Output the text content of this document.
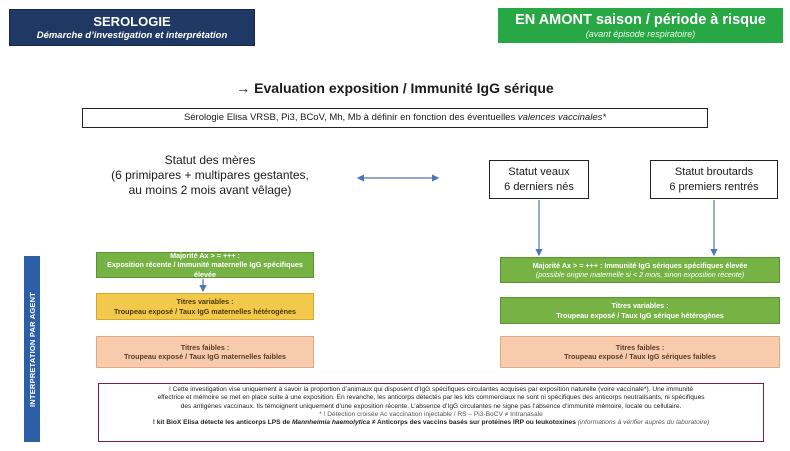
SEROLOGIE
Démarche d’investigation et interprétation
EN AMONT saison / période à risque
(avant épisode respiratoire)
→ Evaluation exposition / Immunité IgG sérique
Sérologie Elisa VRSB, Pi3, BCoV, Mh, Mb à définir en fonction des éventuelles valences vaccinales*
Statut des mères
(6 primipares + multipares gestantes,
au moins 2 mois avant vêlage)
Statut veaux
6 derniers nés
Statut broutards
6 premiers rentrés
INTERPRETATION PAR AGENT
Majorité Ax > = +++ :
Exposition récente / Immunité maternelle IgG spécifiques élevée
Titres variables :
Troupeau exposé / Taux IgG maternelles hétérogènes
Titres faibles :
Troupeau exposé / Taux IgG maternelles faibles
Majorité Ax > = +++ : Immunité IgG sériques spécifiques élevée
(possible origine maternelle si < 2 mois, sinon exposition récente)
Titres variables :
Troupeau exposé / Taux IgG sérique hétérogènes
Titres faibles :
Troupeau exposé / Taux IgG sériques faibles
! Cette investigation vise uniquement à savoir la proportion d’animaux qui disposent d’IgG spécifiques circulantes acquises par exposition naturelle (voire vaccinale*). Une immunité
effectrice et mémoire se met en place suite à une exposition. En revanche, les anticorps détectés par les kits commerciaux ne sont ni spécifiques des anticorps neutralisants, ni spécifiques
des antigènes vaccinaux. Ils témoignent uniquement d’une exposition récente. L’absence d’IgG circulantes ne signe pas l’absence d’immunité mémoire, locale ou cellulaire.
* ! Détection croisée Ac vaccination injectable / RS – Pi3-BoCV ≠ Intranasale
! kit BioX Elisa détecte les anticorps LPS de Mannheimia haemolytica ≠ Anticorps des vaccins basés sur protéines IRP ou leukotoxines (informations à vérifier auprès du laboratoire)
